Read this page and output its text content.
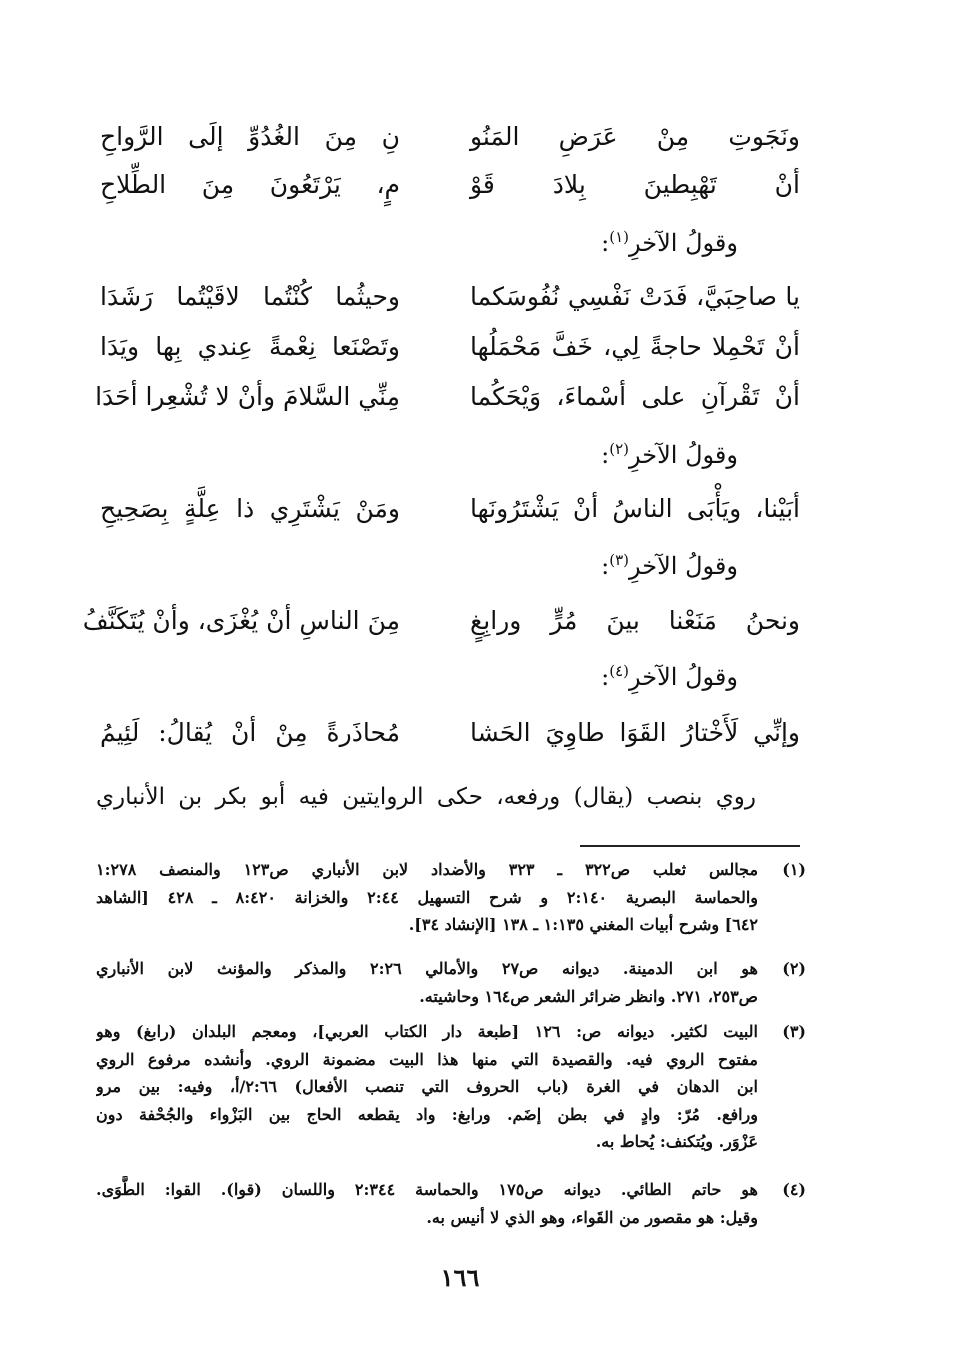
ونَجَوتِ مِنْ عَرَضِ المَنُو
نِ مِنَ الغُدُوِّ إلَى الرَّواحِ
أنْ تَهْبِطينَ بِلادَ قَوْ
مٍ، يَرْتَعُونَ مِنَ الطِّلاحِ
وقولُ الآخرِ$^{(١)}$:
يا صاحِبَيَّ، فَدَتْ نَفْسِي نُفُوسَكما
وحيثُما كُنْتُما لاقَيْتُما رَشَدَا
أنْ تَحْمِلا حاجةً لِي، خَفَّ مَحْمَلُها
وتَصْنَعا نِعْمةً عِندي بِها ويَدَا
أنْ تَقْرآنِ على أسْماءَ، وَيْحَكُما
مِنِّي السَّلامَ وأنْ لا تُشْعِرا أحَدَا
وقولُ الآخرِ$^{(٢)}$:
أبَيْنا، ويَأْبَى الناسُ أنْ يَشْتَرُونَها
ومَنْ يَشْتَرِي ذا عِلَّةٍ بِصَحِيحِ
وقولُ الآخرِ$^{(٣)}$:
ونحنُ مَنَعْنا بينَ مُرٍّ ورابِغٍ
مِنَ الناسِ أنْ يُغْزَى، وأنْ يُتَكَنَّفُ
وقولُ الآخرِ$^{(٤)}$:
وإنِّي لَأَخْتارُ القَوَا طاوِيَ الحَشا
مُحاذَرةً مِنْ أنْ يُقالُ: لَئِيمُ
روي بنصب (يقال) ورفعه، حكى الروايتين فيه أبو بكر بن الأنباري
(١)
مجالس ثعلب ص٣٢٢ ـ ٣٢٣ والأضداد لابن الأنباري ص١٢٣ والمنصف ١:٢٧٨
والحماسة البصرية ٢:١٤٠ و شرح التسهيل ٢:٤٤ والخزانة ٨:٤٢٠ ـ ٤٢٨ [الشاهد
٦٤٢] وشرح أبيات المغني ١:١٣٥ ـ ١٣٨ [الإنشاد ٣٤].
(٢)
هو ابن الدمينة. ديوانه ص٢٧ والأمالي ٢:٢٦ والمذكر والمؤنث لابن الأنباري
ص٢٥٣، ٢٧١. وانظر ضرائر الشعر ص١٦٤ وحاشيته.
(٣)
البيت لكثير. ديوانه ص: ١٢٦ [طبعة دار الكتاب العربي]، ومعجم البلدان (رابغ) وهو
مفتوح الروي فيه. والقصيدة التي منها هذا البيت مضمونة الروي. وأنشده مرفوع الروي
ابن الدهان في الغرة (باب الحروف التي تنصب الأفعال) ٢:٦٦/أ، وفيه: بين مرو
ورافع. مُرّ: وادٍ في بطن إضَم. ورابغ: واد يقطعه الحاج بين البَزْواء والجُحْفة دون
عَزْوَر. ويُتكنف: يُحاط به.
(٤)
هو حاتم الطائي. ديوانه ص١٧٥ والحماسة ٢:٣٤٤ واللسان (قوا). القوا: الطَّوَى.
وقيل: هو مقصور من القَواء، وهو الذي لا أنيس به.
١٦٦
